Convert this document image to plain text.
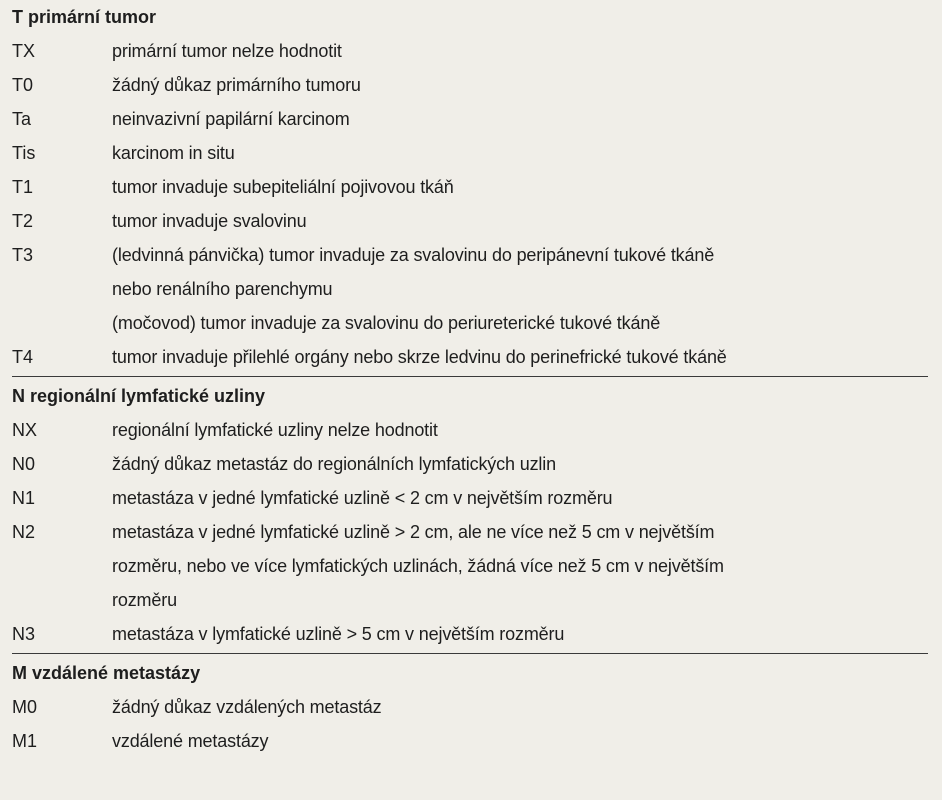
T primární tumor
TX	primární tumor nelze hodnotit
T0	žádný důkaz primárního tumoru
Ta	neinvazivní papilární karcinom
Tis	karcinom in situ
T1	tumor invaduje subepiteliální pojivovou tkáň
T2	tumor invaduje svalovinu
T3	(ledvinná pánvička) tumor invaduje za svalovinu do peripánevní tukové tkáně
nebo renálního parenchymu
(močovod) tumor invaduje za svalovinu do periureterické tukové tkáně
T4	tumor invaduje přilehlé orgány nebo skrze ledvinu do perinefrické tukové tkáně
N regionální lymfatické uzliny
NX	regionální lymfatické uzliny nelze hodnotit
N0	žádný důkaz metastáz do regionálních lymfatických uzlin
N1	metastáza v jedné lymfatické uzlině < 2 cm v největším rozměru
N2	metastáza v jedné lymfatické uzlině > 2 cm, ale ne více než 5 cm v největším
rozměru, nebo ve více lymfatických uzlinách, žádná více než 5 cm v největším
rozměru
N3	metastáza v lymfatické uzlině > 5 cm v největším rozměru
M vzdálené metastázy
M0	žádný důkaz vzdálených metastáz
M1	vzdálené metastázy
